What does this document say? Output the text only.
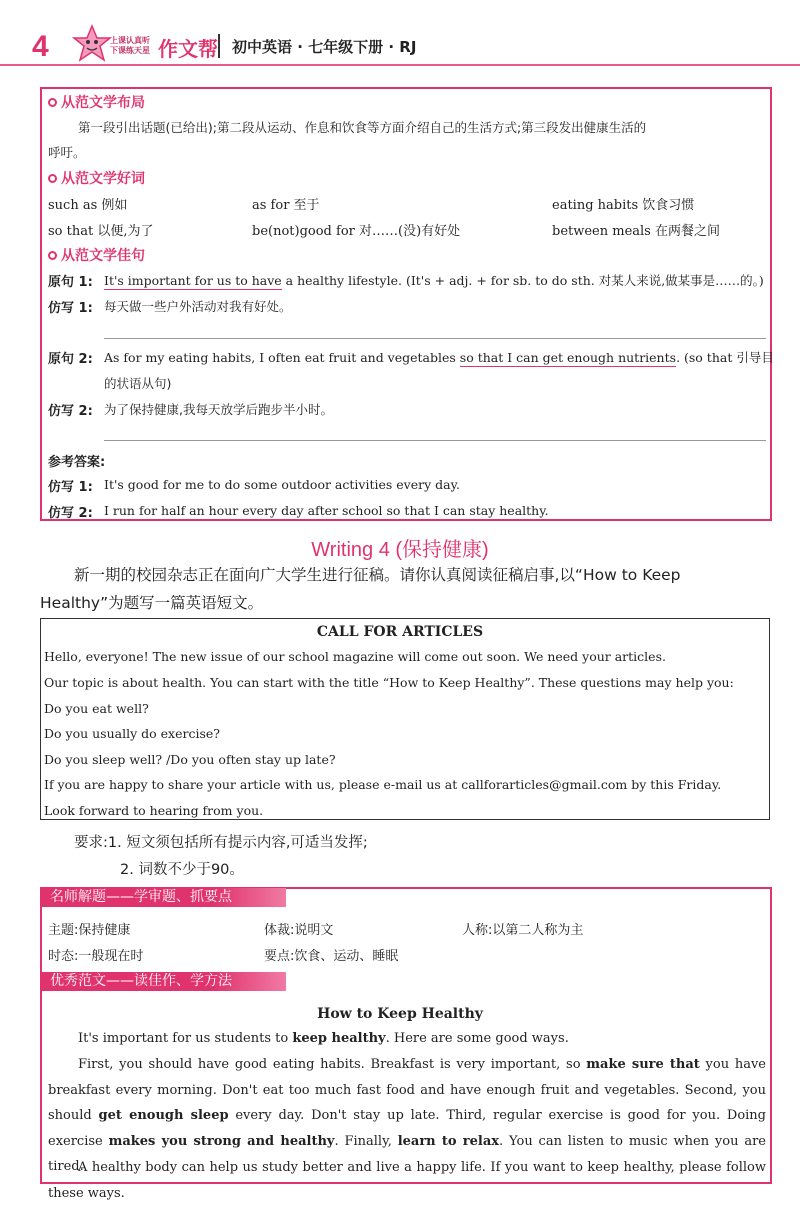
4	上课认真听
下课练天星 作文帮 初中英语 · 七年级下册 · RJ
从范文学布局
第一段引出话题(已给出);第二段从运动、作息和饮食等方面介绍自己的生活方式;第三段发出健康生活的
呼吁。
从范文学好词
such as 例如	as for 至于	eating habits 饮食习惯
so that 以便,为了	be(not)good for 对……(没)有好处	between meals 在两餐之间
从范文学佳句
原句 1: It's important for us to have a healthy lifestyle. (It's + adj. + for sb. to do sth. 对某人来说,做某事是……的。)
仿写 1: 每天做一些户外活动对我有好处。
原句 2: As for my eating habits, I often eat fruit and vegetables so that I can get enough nutrients. (so that 引导目
的状语从句)
仿写 2: 为了保持健康,我每天放学后跑步半小时。
参考答案:
仿写 1: It's good for me to do some outdoor activities every day.
仿写 2: I run for half an hour every day after school so that I can stay healthy.
Writing 4 (保持健康)
新一期的校园杂志正在面向广大学生进行征稿。请你认真阅读征稿启事,以“How to Keep
Healthy”为题写一篇英语短文。
CALL FOR ARTICLES
Hello, everyone! The new issue of our school magazine will come out soon. We need your articles.
Our topic is about health. You can start with the title “How to Keep Healthy”. These questions may help you:
Do you eat well?
Do you usually do exercise?
Do you sleep well? /Do you often stay up late?
If you are happy to share your article with us, please e-mail us at callforarticles@gmail.com by this Friday.
Look forward to hearing from you.
要求:1. 短文须包括所有提示内容,可适当发挥;
2. 词数不少于90。
名师解题——学审题、抓要点
主题:保持健康	体裁:说明文	人称:以第二人称为主
时态:一般现在时	要点:饮食、运动、睡眠
优秀范文——读佳作、学方法
How to Keep Healthy
It's important for us students to keep healthy. Here are some good ways.
First, you should have good eating habits. Breakfast is very important, so make sure that you have breakfast every morning. Don't eat too much fast food and have enough fruit and vegetables. Second, you should get enough sleep every day. Don't stay up late. Third, regular exercise is good for you. Doing exercise makes you strong and healthy. Finally, learn to relax. You can listen to music when you are tired.
A healthy body can help us study better and live a happy life. If you want to keep healthy, please follow these ways.
